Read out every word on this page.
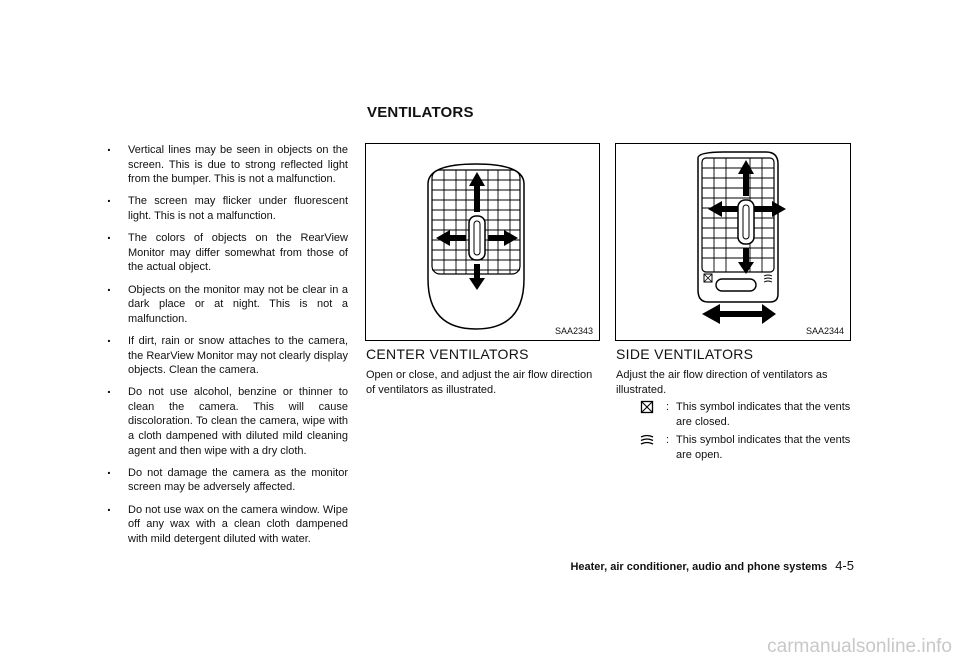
VENTILATORS
. Vertical lines may be seen in objects on the screen. This is due to strong reflected light from the bumper. This is not a malfunction.
. The screen may flicker under fluorescent light. This is not a malfunction.
. The colors of objects on the RearView Monitor may differ somewhat from those of the actual object.
. Objects on the monitor may not be clear in a dark place or at night. This is not a malfunction.
. If dirt, rain or snow attaches to the camera, the RearView Monitor may not clearly display objects. Clean the camera.
. Do not use alcohol, benzine or thinner to clean the camera. This will cause discoloration. To clean the camera, wipe with a cloth dampened with diluted mild cleaning agent and then wipe with a dry cloth.
. Do not damage the camera as the monitor screen may be adversely affected.
. Do not use wax on the camera window. Wipe off any wax with a clean cloth dampened with mild detergent diluted with water.
SAA2343	SAA2344
CENTER VENTILATORS
Open or close, and adjust the air flow direction of ventilators as illustrated.
SIDE VENTILATORS
Adjust the air flow direction of ventilators as illustrated.
: This symbol indicates that the vents are closed.
: This symbol indicates that the vents are open.
Heater, air conditioner, audio and phone systems 4-5
carmanualsonline.info
